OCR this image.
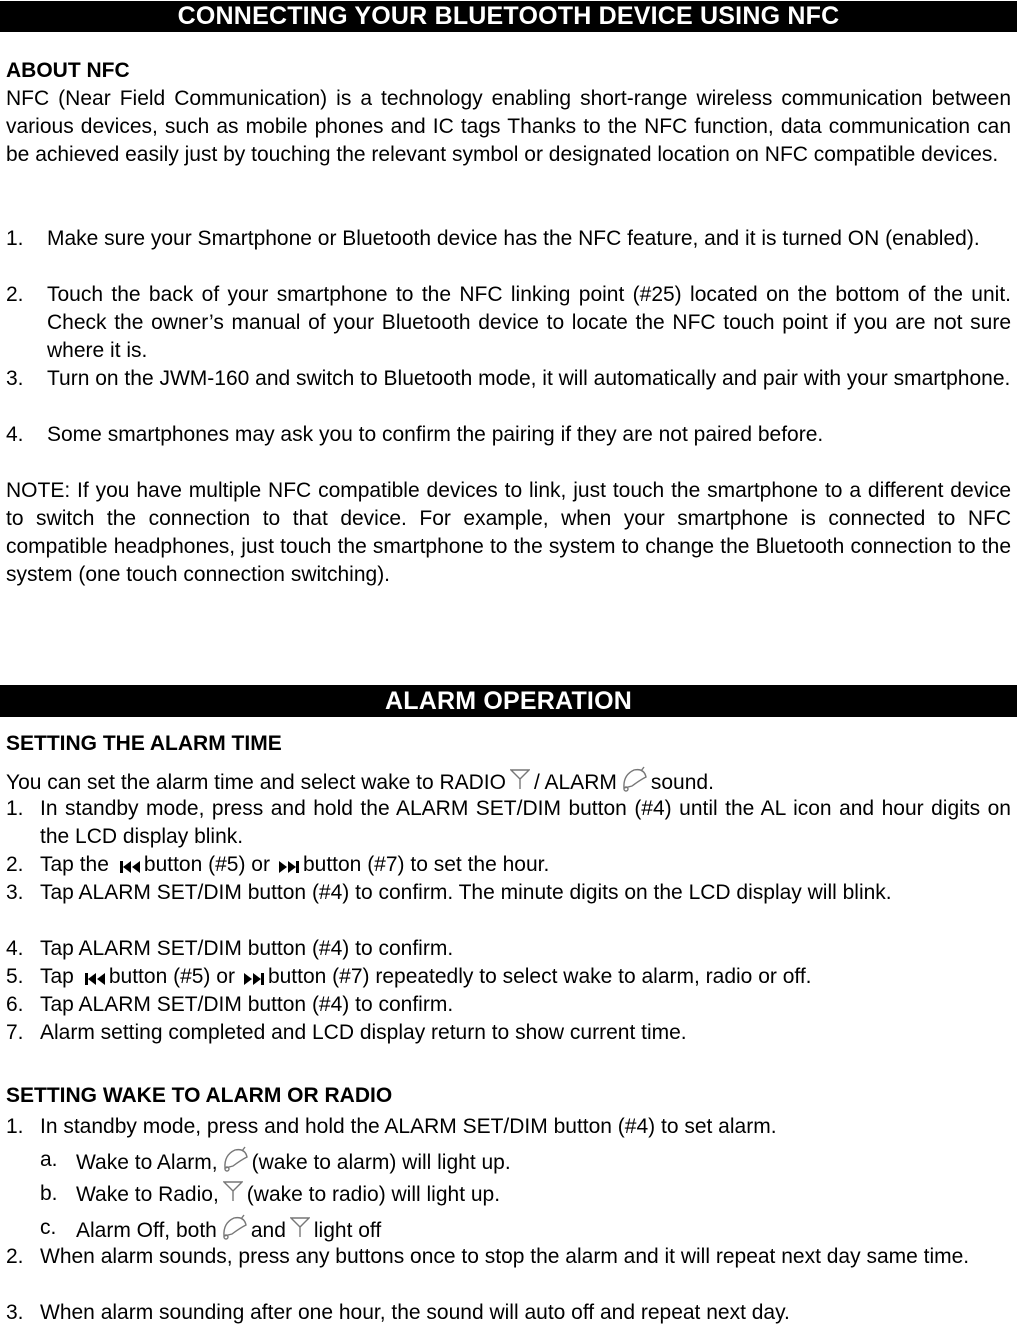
CONNECTING YOUR BLUETOOTH DEVICE USING NFC
ABOUT NFC
NFC (Near Field Communication) is a technology enabling short-range wireless communication between various devices, such as mobile phones and IC tags Thanks to the NFC function, data communication can be achieved easily just by touching the relevant symbol or designated location on NFC compatible devices.
1. Make sure your Smartphone or Bluetooth device has the NFC feature, and it is turned ON (enabled).
2. Touch the back of your smartphone to the NFC linking point (#25) located on the bottom of the unit. Check the owner’s manual of your Bluetooth device to locate the NFC touch point if you are not sure where it is.
3. Turn on the JWM-160 and switch to Bluetooth mode, it will automatically and pair with your smartphone.
4. Some smartphones may ask you to confirm the pairing if they are not paired before.
NOTE: If you have multiple NFC compatible devices to link, just touch the smartphone to a different device to switch the connection to that device. For example, when your smartphone is connected to NFC compatible headphones, just touch the smartphone to the system to change the Bluetooth connection to the system (one touch connection switching).
ALARM OPERATION
SETTING THE ALARM TIME
You can set the alarm time and select wake to RADIO / ALARM sound.
1. In standby mode, press and hold the ALARM SET/DIM button (#4) until the AL icon and hour digits on the LCD display blink.
2. Tap the button (#5) or button (#7) to set the hour.
3. Tap ALARM SET/DIM button (#4) to confirm. The minute digits on the LCD display will blink.
4. Tap ALARM SET/DIM button (#4) to confirm.
5. Tap button (#5) or button (#7) repeatedly to select wake to alarm, radio or off.
6. Tap ALARM SET/DIM button (#4) to confirm.
7. Alarm setting completed and LCD display return to show current time.
SETTING WAKE TO ALARM OR RADIO
1. In standby mode, press and hold the ALARM SET/DIM button (#4) to set alarm.
a. Wake to Alarm, (wake to alarm) will light up.
b. Wake to Radio, (wake to radio) will light up.
c. Alarm Off, both and light off
2. When alarm sounds, press any buttons once to stop the alarm and it will repeat next day same time.
3. When alarm sounding after one hour, the sound will auto off and repeat next day.
